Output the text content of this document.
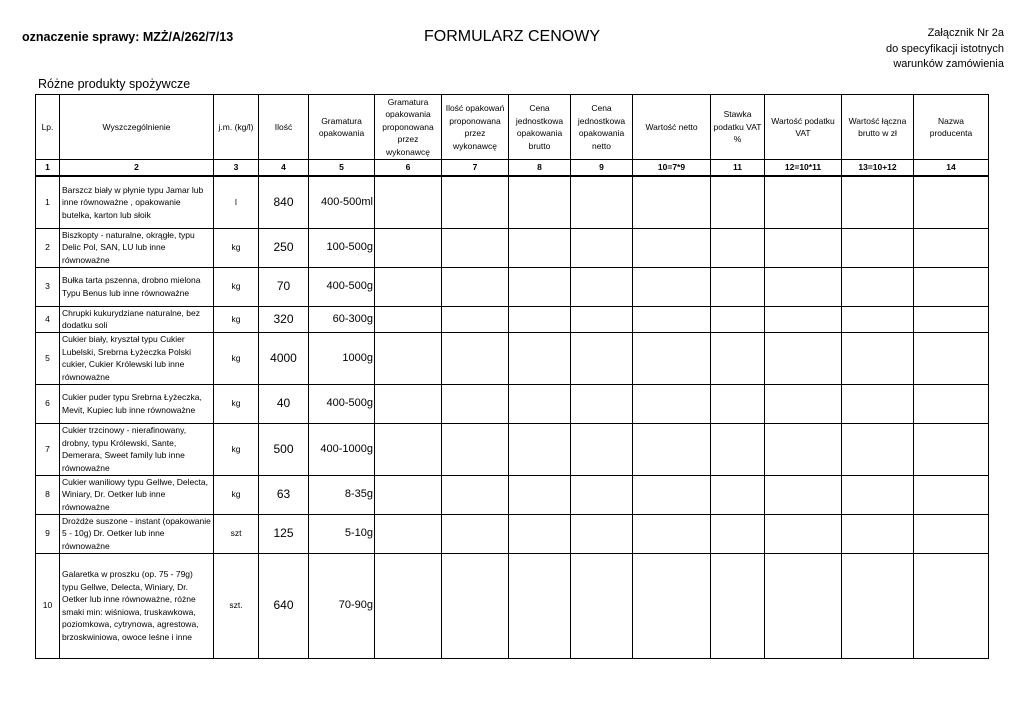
oznaczenie sprawy: MZŻ/A/262/7/13	FORMULARZ CENOWY	Załącznik Nr 2a
do specyfikacji istotnych
warunków zamówienia
Różne produkty spożywcze
Lp.	Wyszczególnienie	j.m. (kg/l)	Ilość	Gramatura opakowania	Gramatura opakowania proponowana przez wykonawcę	Ilość opakowań proponowana przez wykonawcę	Cena jednostkowa opakowania brutto	Cena jednostkowa opakowania netto	Wartość netto	Stawka podatku VAT %	Wartość podatku VAT	Wartość łączna brutto w zł	Nazwa producenta
1	2	3	4	5	6	7	8	9	10=7*9	11	12=10*11	13=10+12	14
1	Barszcz biały w płynie typu Jamar lub inne równoważne , opakowanie butelka, karton lub słoik	l	840	400-500ml									
2	Biszkopty - naturalne, okrągłe, typu Delic Pol, SAN, LU lub inne równoważne	kg	250	100-500g									
3	Bułka tarta pszenna, drobno mielona Typu Benus lub inne równoważne	kg	70	400-500g									
4	Chrupki kukurydziane naturalne, bez dodatku soli	kg	320	60-300g									
5	Cukier biały, kryształ typu Cukier Lubelski, Srebrna Łyżeczka Polski cukier, Cukier Królewski lub inne równoważne	kg	4000	1000g									
6	Cukier puder typu Srebrna Łyżeczka, Mevit, Kupiec lub inne równoważne	kg	40	400-500g									
7	Cukier trzcinowy - nierafinowany, drobny, typu Królewski, Sante, Demerara, Sweet family lub inne równoważne	kg	500	400-1000g									
8	Cukier waniliowy typu Gellwe, Delecta, Winiary, Dr. Oetker lub inne równoważne	kg	63	8-35g									
9	Drożdże suszone - instant (opakowanie 5 - 10g) Dr. Oetker lub inne równoważne	szt	125	5-10g									
10	Galaretka w proszku (op. 75 - 79g) typu Gellwe, Delecta, Winiary, Dr. Oetker lub inne równoważne, różne smaki min: wiśniowa, truskawkowa, poziomkowa, cytrynowa, agrestowa, brzoskwiniowa, owoce leśne i inne	szt.	640	70-90g									
